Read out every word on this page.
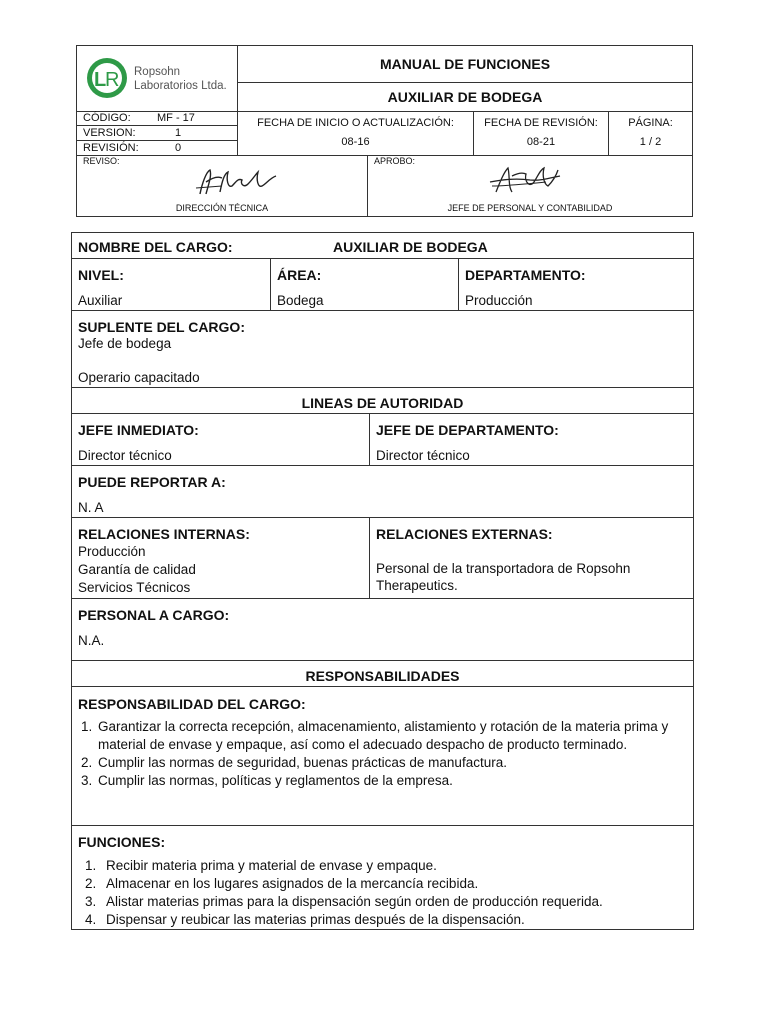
L
R Ropsohn
Laboratorios Ltda.
MANUAL DE FUNCIONES
AUXILIAR DE BODEGA
CÓDIGO: MF - 17
VERSION:	1
REVISIÓN:	0
FECHA DE INICIO O ACTUALIZACIÓN:
08-16
FECHA DE REVISIÓN:
08-21
PÁGINA:
1 / 2
REVISO:
DIRECCIÓN TÉCNICA
APROBO:
JEFE DE PERSONAL Y CONTABILIDAD
NOMBRE DEL CARGO:	AUXILIAR DE BODEGA
NIVEL:
Auxiliar
ÁREA:
Bodega
DEPARTAMENTO:
Producción
SUPLENTE DEL CARGO:
Jefe de bodega
Operario capacitado
LINEAS DE AUTORIDAD
JEFE INMEDIATO:
Director técnico
JEFE DE DEPARTAMENTO:
Director técnico
PUEDE REPORTAR A:
N. A
RELACIONES INTERNAS:
Producción
Garantía de calidad
Servicios Técnicos
RELACIONES EXTERNAS:
Personal de la transportadora de Ropsohn Therapeutics.
PERSONAL A CARGO:
N.A.
RESPONSABILIDADES
RESPONSABILIDAD DEL CARGO:
1. Garantizar la correcta recepción, almacenamiento, alistamiento y rotación de la materia prima y material de envase y empaque, así como el adecuado despacho de producto terminado.
2. Cumplir las normas de seguridad, buenas prácticas de manufactura.
3. Cumplir las normas, políticas y reglamentos de la empresa.
FUNCIONES:
1. Recibir materia prima y material de envase y empaque.
2. Almacenar en los lugares asignados de la mercancía recibida.
3. Alistar materias primas para la dispensación según orden de producción requerida.
4. Dispensar y reubicar las materias primas después de la dispensación.
